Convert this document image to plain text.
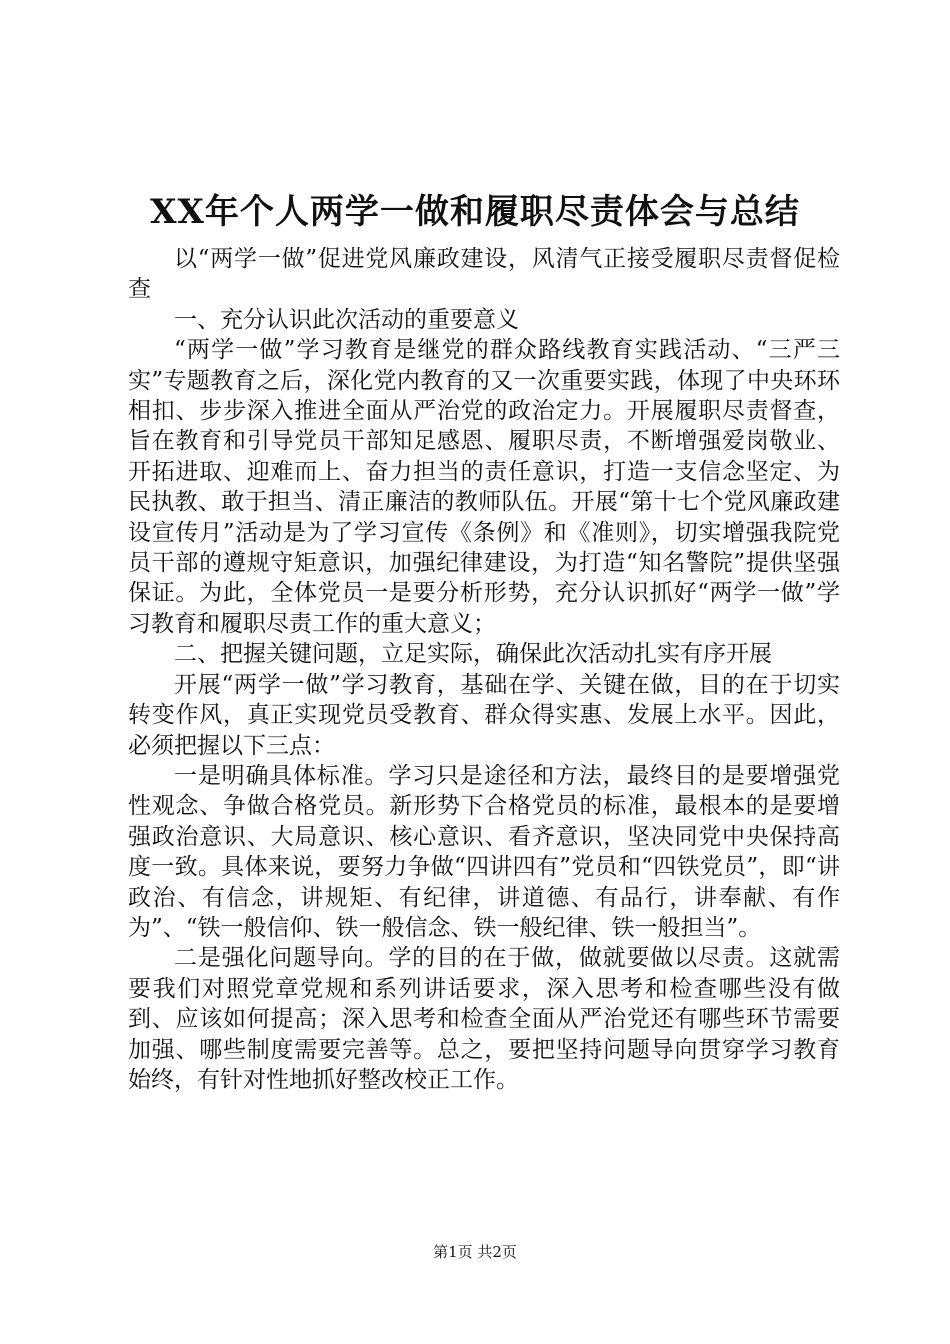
XX年个人两学一做和履职尽责体会与总结

以“两学一做”促进党风廉政建设，风清气正接受履职尽责督促检查

一、充分认识此次活动的重要意义

“两学一做”学习教育是继党的群众路线教育实践活动、“三严三实”专题教育之后，深化党内教育的又一次重要实践，体现了中央环环相扣、步步深入推进全面从严治党的政治定力。开展履职尽责督查，旨在教育和引导党员干部知足感恩、履职尽责，不断增强爱岗敬业、开拓进取、迎难而上、奋力担当的责任意识，打造一支信念坚定、为民执教、敢于担当、清正廉洁的教师队伍。开展“第十七个党风廉政建设宣传月”活动是为了学习宣传《条例》和《准则》，切实增强我院党员干部的遵规守矩意识，加强纪律建设，为打造“知名警院”提供坚强保证。为此，全体党员一是要分析形势，充分认识抓好“两学一做”学习教育和履职尽责工作的重大意义；

二、把握关键问题，立足实际，确保此次活动扎实有序开展

开展“两学一做”学习教育，基础在学、关键在做，目的在于切实转变作风，真正实现党员受教育、群众得实惠、发展上水平。因此，必须把握以下三点：

一是明确具体标准。学习只是途径和方法，最终目的是要增强党性观念、争做合格党员。新形势下合格党员的标准，最根本的是要增强政治意识、大局意识、核心意识、看齐意识，坚决同党中央保持高度一致。具体来说，要努力争做“四讲四有”党员和“四铁党员”，即“讲政治、有信念，讲规矩、有纪律，讲道德、有品行，讲奉献、有作为”、“铁一般信仰、铁一般信念、铁一般纪律、铁一般担当”。

二是强化问题导向。学的目的在于做，做就要做以尽责。这就需要我们对照党章党规和系列讲话要求，深入思考和检查哪些没有做到、应该如何提高；深入思考和检查全面从严治党还有哪些环节需要加强、哪些制度需要完善等。总之，要把坚持问题导向贯穿学习教育始终，有针对性地抓好整改校正工作。

第1页 共2页
